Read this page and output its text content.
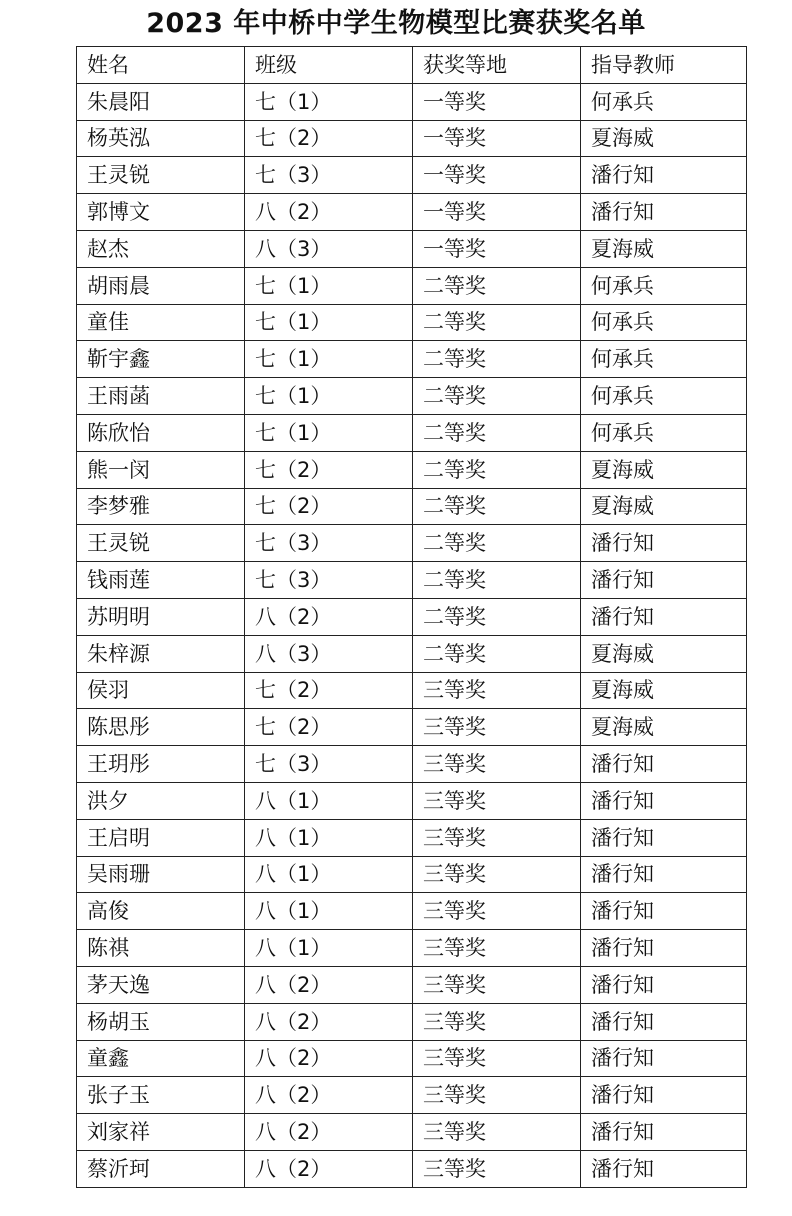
2023 年中桥中学生物模型比赛获奖名单
姓名	班级	获奖等地	指导教师
朱晨阳	七（1）	一等奖	何承兵
杨英泓	七（2）	一等奖	夏海威
王灵锐	七（3）	一等奖	潘行知
郭博文	八（2）	一等奖	潘行知
赵杰	八（3）	一等奖	夏海威
胡雨晨	七（1）	二等奖	何承兵
童佳	七（1）	二等奖	何承兵
靳宇鑫	七（1）	二等奖	何承兵
王雨菡	七（1）	二等奖	何承兵
陈欣怡	七（1）	二等奖	何承兵
熊一闵	七（2）	二等奖	夏海威
李梦雅	七（2）	二等奖	夏海威
王灵锐	七（3）	二等奖	潘行知
钱雨莲	七（3）	二等奖	潘行知
苏明明	八（2）	二等奖	潘行知
朱梓源	八（3）	二等奖	夏海威
侯羽	七（2）	三等奖	夏海威
陈思彤	七（2）	三等奖	夏海威
王玥彤	七（3）	三等奖	潘行知
洪夕	八（1）	三等奖	潘行知
王启明	八（1）	三等奖	潘行知
吴雨珊	八（1）	三等奖	潘行知
高俊	八（1）	三等奖	潘行知
陈祺	八（1）	三等奖	潘行知
茅天逸	八（2）	三等奖	潘行知
杨胡玉	八（2）	三等奖	潘行知
童鑫	八（2）	三等奖	潘行知
张子玉	八（2）	三等奖	潘行知
刘家祥	八（2）	三等奖	潘行知
蔡沂珂	八（2）	三等奖	潘行知
